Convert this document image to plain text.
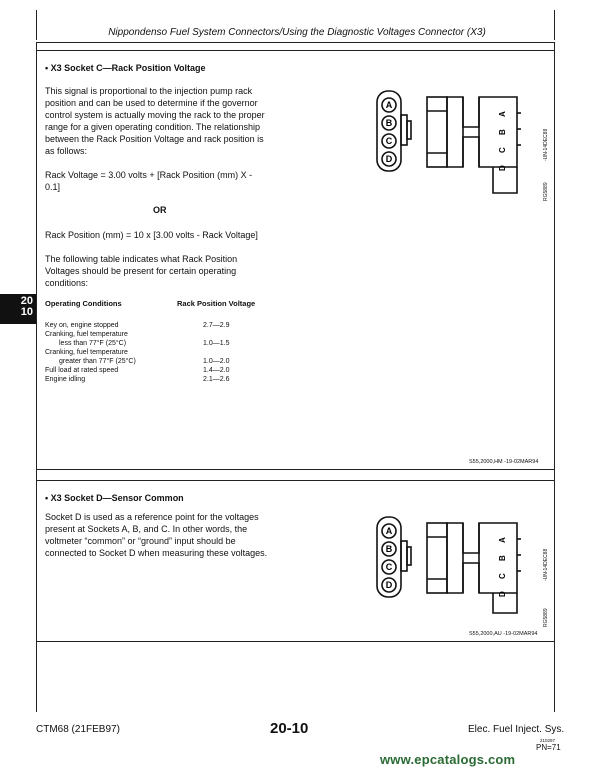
Nippondenso Fuel System Connectors/Using the Diagnostic Voltages Connector (X3)
20
10
• X3 Socket C—Rack Position Voltage
This signal is proportional to the injection pump rack
position and can be used to determine if the governor
control system is actually moving the rack to the proper
range for a given operating condition. The relationship
between the Rack Position Voltage and rack position is
as follows:
Rack Voltage = 3.00 volts + [Rack Position (mm) X -
0.1]
OR
Rack Position (mm) = 10 x [3.00 volts - Rack Voltage]
The following table indicates what Rack Position
Voltages should be present for certain operating
conditions:
Operating Conditions	Rack Position Voltage
Key on, engine stopped	2.7—2.9
Cranking, fuel temperature
less than 77°F (25°C)	1.0—1.5
Cranking, fuel temperature
greater than 77°F (25°C)	1.0—2.0
Full load at rated speed	1.4—2.0
Engine idling	2.1—2.6
A
B
C
D
A
B
C
D
-UN-14DEC88
RG5889
S55,2000,HM -19-02MAR94
• X3 Socket D—Sensor Common
Socket D is used as a reference point for the voltages
present at Sockets A, B, and C. In other words, the
voltmeter “common” or “ground” input should be
connected to Socket D when measuring these voltages.
A
B
C
D
A
B
C
D
-UN-14DEC88
RG5889
S55,2000,AU -19-02MAR94
CTM68 (21FEB97)	20-10	Elec. Fuel Inject. Sys.
210297
PN=71
www.epcatalogs.com
